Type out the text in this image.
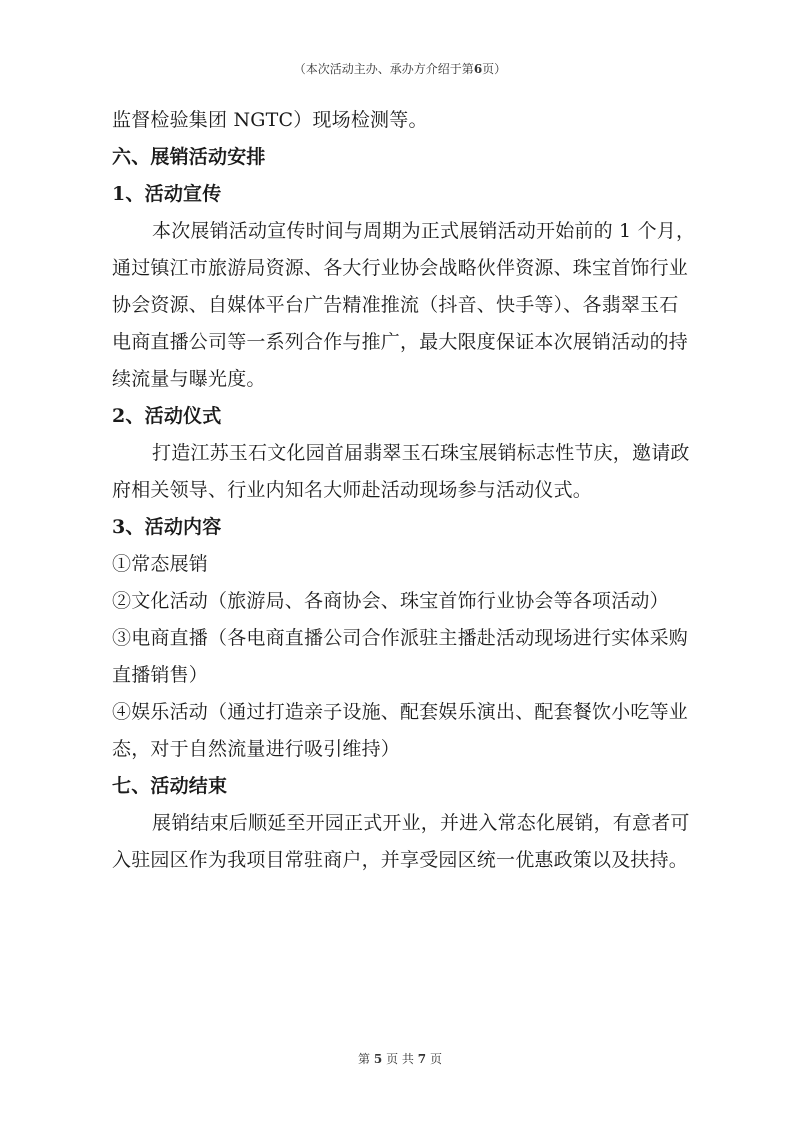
（本次活动主办、承办方介绍于第6页）
监督检验集团 NGTC）现场检测等。
六、展销活动安排
1、活动宣传
本次展销活动宣传时间与周期为正式展销活动开始前的 1 个月，
通过镇江市旅游局资源、各大行业协会战略伙伴资源、珠宝首饰行业
协会资源、自媒体平台广告精准推流（抖音、快手等）、各翡翠玉石
电商直播公司等一系列合作与推广，最大限度保证本次展销活动的持
续流量与曝光度。
2、活动仪式
打造江苏玉石文化园首届翡翠玉石珠宝展销标志性节庆，邀请政
府相关领导、行业内知名大师赴活动现场参与活动仪式。
3、活动内容
①常态展销
②文化活动（旅游局、各商协会、珠宝首饰行业协会等各项活动）
③电商直播（各电商直播公司合作派驻主播赴活动现场进行实体采购
直播销售）
④娱乐活动（通过打造亲子设施、配套娱乐演出、配套餐饮小吃等业
态，对于自然流量进行吸引维持）
七、活动结束
展销结束后顺延至开园正式开业，并进入常态化展销，有意者可
入驻园区作为我项目常驻商户，并享受园区统一优惠政策以及扶持。
第 5 页 共 7 页
